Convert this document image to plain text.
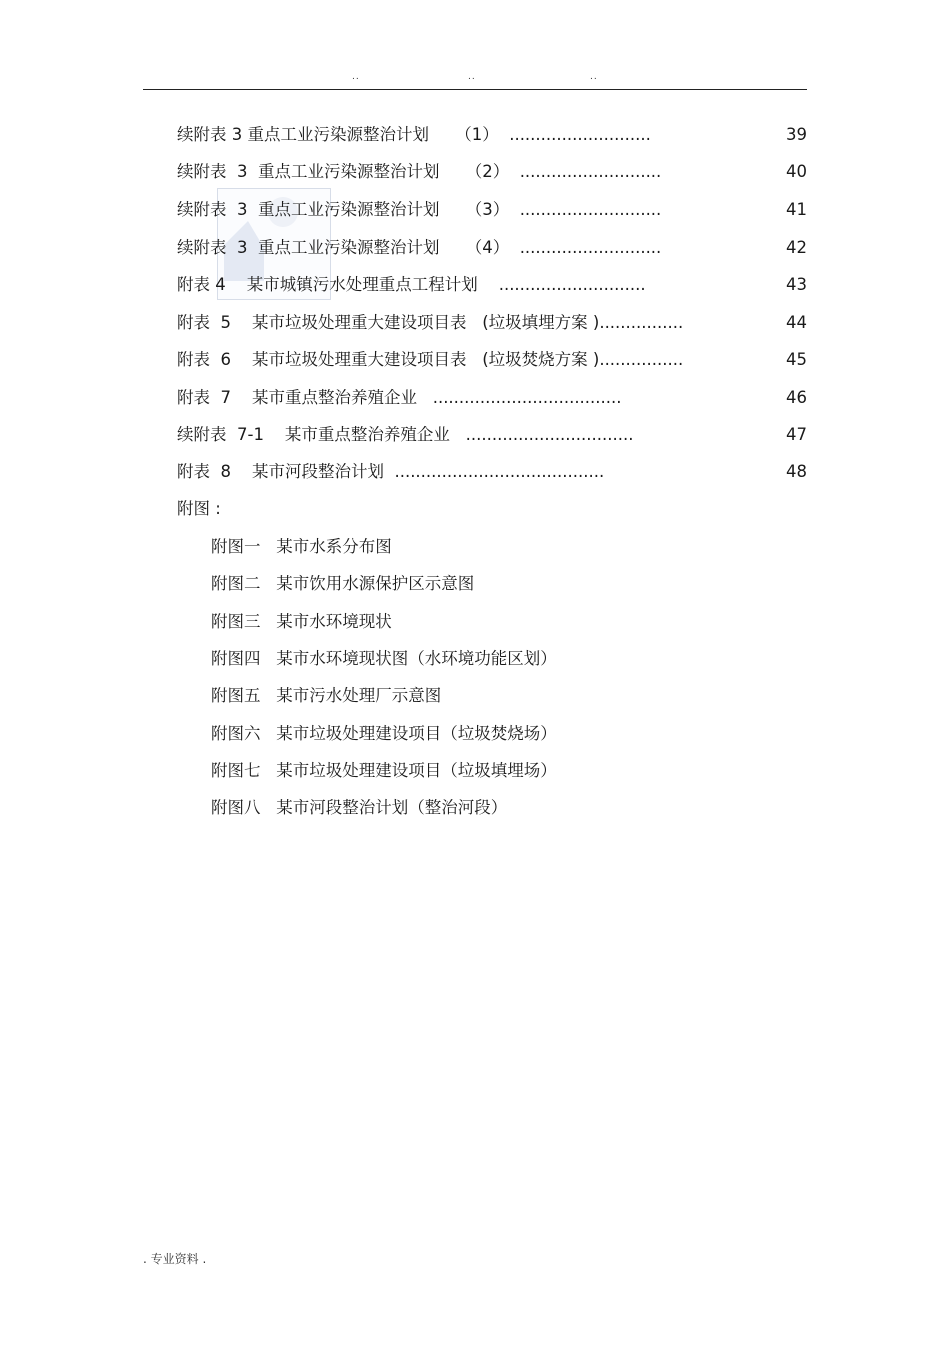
..	..	..
续附表 3 重点工业污染源整治计划     （1）  ...........................	39
续附表  3  重点工业污染源整治计划     （2）  ...........................	40
续附表  3  重点工业污染源整治计划     （3）  ...........................	41
续附表  3  重点工业污染源整治计划     （4）  ...........................	42
附表 4    某市城镇污水处理重点工程计划    ............................	43
附表  5    某市垃圾处理重大建设项目表   (垃圾填埋方案 )................	44
附表  6    某市垃圾处理重大建设项目表   (垃圾焚烧方案 )................	45
附表  7    某市重点整治养殖企业   ....................................	46
续附表  7-1    某市重点整治养殖企业   ................................	47
附表  8    某市河段整治计划  ........................................	48
附图 :
附图一   某市水系分布图
附图二   某市饮用水源保护区示意图
附图三   某市水环境现状
附图四   某市水环境现状图（水环境功能区划）
附图五   某市污水处理厂示意图
附图六   某市垃圾处理建设项目（垃圾焚烧场）
附图七   某市垃圾处理建设项目（垃圾填埋场）
附图八   某市河段整治计划（整治河段）
. 专业资料 .
